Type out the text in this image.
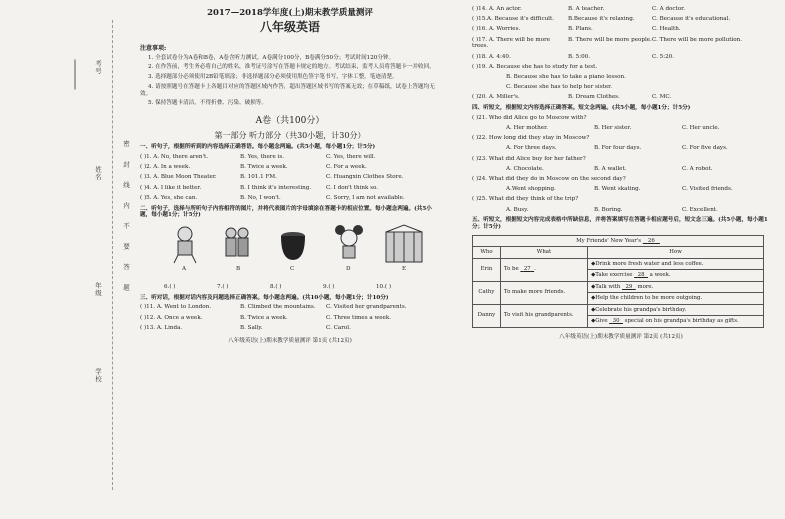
考号
姓名
年级
学校
密 封 线 内 不 要 答 题
2017—2018学年度(上)期末教学质量测评
八年级英语
注意事项:
1. 全套试卷分为A卷和B卷，A卷含听力测试。A卷满分100分，B卷满分50分；考试时间120分钟。
2. 在作答前，考生务必将自己的姓名，准考证号涂写在答题卡规定的地方。考试结束，监考人员将答题卡一并收回。
3. 选择题部分必须使用2B铅笔填涂；非选择题部分必须使用黑色签字笔书写，字体工整，笔迹清楚。
4. 请按照题号在答题卡上各题目对应的答题区域内作答，超出答题区域书写的答案无效；在草稿纸，试卷上答题均无效。
5. 保持答题卡清洁，不得折叠、污染、破损等。
A卷（共100分）
第一部分 听力部分（共30小题，计30分）
一、听句子，根据所听到的内容选择正确答语。每小题念两遍。(共5小题，每小题1分；计5分)
( )1. A. No, there aren't.	B. Yes, there is.	C. Yes, there will.
( )2. A. In a week.	B. Twice a week.	C. For a week.
( )3. A. Blue Moon Theater.	B. 101.1 FM.	C. Huangxin Clothes Store.
( )4. A. I like it better.	B. I think it's interesting.	C. I don't think so.
( )5. A. Yes, she can.	B. No, I won't.	C. Sorry, I am not available.
二、听句子，选择与所听句子内容相符的图片，并将代表图片的字母填涂在答题卡的相应位置。每小题念两遍。(共5小题，每小题1分；计5分)
A	B	C	D	E
6.( )	7.( )	8.( )	9.( )	10.( )
三、听对话，根据对话内容及问题选择正确答案。每小题念两遍。(共10小题，每小题1分；计10分)
( )11. A. Went to London.	B. Climbed the mountains.	C. Visited her grandparents.
( )12. A. Once a week.	B. Twice a week.	C. Three times a week.
( )13. A. Linda.	B. Sally.	C. Carol.
八年级英语(上)期末教学质量测评 第1页 (共12页)
( )14. A. An actor.	B. A teacher.	C. A doctor.
( )15.A. Because it's difficult.	B.Because it's relaxing.	C. Because it's educational.
( )16. A. Worries.	B. Plans.	C. Health.
( )17. A. There will be more trees.
B. There will be more people. C. There will be more pollution.
( )18. A. 4:40.	B. 5:00.	C. 5:20.
( )19. A. Because she has to study for a test.
B. Because she has to take a piano lesson.
C. Because she has to help her sister.
( )20. A. Miller's.	B. Dream Clothes.	C. MC.
四、听短文，根据短文内容选择正确答案。短文念两遍。(共5小题，每小题1分；计5分)
( )21. Who did Alice go to Moscow with?
A. Her mother.	B. Her sister.	C. Her uncle.
( )22. How long did they stay in Moscow?
A. For three days.	B. For four days.	C. For five days.
( )23. What did Alice buy for her father?
A. Chocolate.	B. A wallet.	C. A robot.
( )24. What did they do in Moscow on the second day?
A.Went shopping.	B. Went skating.	C. Visited friends.
( )25. What did they think of the trip?
A. Busy.	B. Boring.	C. Excellent.
五、听短文，根据短文内容完成表格中所缺信息，并将答案填写在答题卡相应题号后，短文念三遍。(共5小题，每小题1分；计5分)
My Friends' New Year's    26		
Who	What	How
Erin	To be 27 .	◆Drink more fresh water and less coffee.
		◆Take exercise   28 a week.
Cathy	To make more friends.	◆Talk with   29 more.
		◆Help the children to be more outgoing.
Danny	To visit his grandparents.	◆Celebrate his grandpa's birthday.
		◆Give   30 special on his grandpa's birthday as gifts.
八年级英语(上)期末教学质量测评 第2页 (共12页)
